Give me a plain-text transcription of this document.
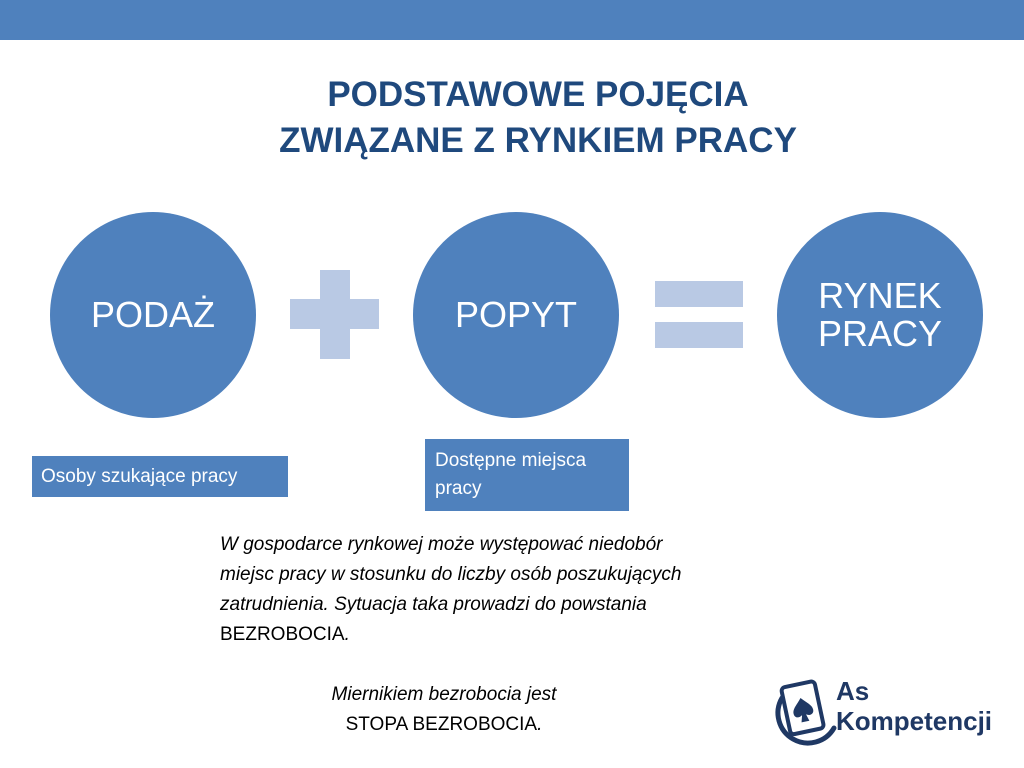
PODSTAWOWE POJĘCIA
ZWIĄZANE Z RYNKIEM PRACY
PODAŻ	POPYT	RYNEK
PRACY
Osoby szukające pracy
Dostępne miejsca pracy
W gospodarce rynkowej może występować niedobór miejsc pracy w stosunku do liczby osób poszukujących zatrudnienia. Sytuacja taka prowadzi do powstania BEZROBOCIA.
Miernikiem bezrobocia jest
STOPA BEZROBOCIA.
As
Kompetencji
